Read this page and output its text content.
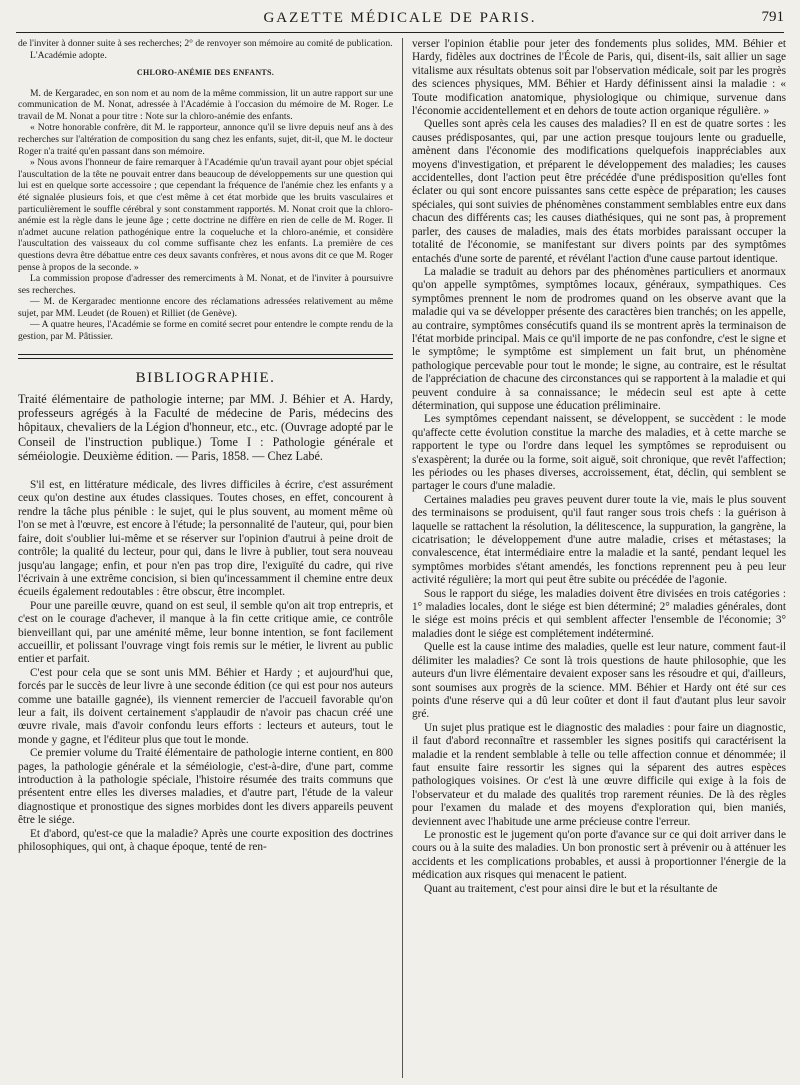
GAZETTE MÉDICALE DE PARIS.	791

de l'inviter à donner suite à ses recherches; 2° de renvoyer son mémoire au comité de publication.

L'Académie adopte.

CHLORO-ANÉMIE DES ENFANTS.

M. de Kergaradec, en son nom et au nom de la même commission, lit un autre rapport sur une communication de M. Nonat, adressée à l'Académie à l'occasion du mémoire de M. Roger. Le travail de M. Nonat a pour titre : Note sur la chloro-anémie des enfants.

« Notre honorable confrère, dit M. le rapporteur, annonce qu'il se livre depuis neuf ans à des recherches sur l'altération de composition du sang chez les enfants, sujet, dit-il, que M. le docteur Roger n'a traité qu'en passant dans son mémoire.

» Nous avons l'honneur de faire remarquer à l'Académie qu'un travail ayant pour objet spécial l'auscultation de la tête ne pouvait entrer dans beaucoup de développements sur une question qui lui est en quelque sorte accessoire ; que cependant la fréquence de l'anémie chez les enfants y a été signalée plusieurs fois, et que c'est même à cet état morbide que les bruits vasculaires et particulièrement le souffle cérébral y sont constamment rapportés. M. Nonat croit que la chloro-anémie est la règle dans le jeune âge ; cette doctrine ne diffère en rien de celle de M. Roger. Il n'admet aucune relation pathogénique entre la coqueluche et la chloro-anémie, et considère l'auscultation des vaisseaux du col comme suffisante chez les enfants. La première de ces questions devra être débattue entre ces deux savants confrères, et nous avons dit ce que M. Roger pense à propos de la seconde. »

La commission propose d'adresser des remerciments à M. Nonat, et de l'inviter à poursuivre ses recherches.

— M. de Kergaradec mentionne encore des réclamations adressées relativement au même sujet, par MM. Leudet (de Rouen) et Rilliet (de Genève).

— A quatre heures, l'Académie se forme en comité secret pour entendre le compte rendu de la gestion, par M. Pâtissier.

BIBLIOGRAPHIE.

Traité élémentaire de pathologie interne; par MM. J. Béhier et A. Hardy, professeurs agrégés à la Faculté de médecine de Paris, médecins des hôpitaux, chevaliers de la Légion d'honneur, etc., etc. (Ouvrage adopté par le Conseil de l'instruction publique.) Tome I : Pathologie générale et séméiologie. Deuxième édition. — Paris, 1858. — Chez Labé.

S'il est, en littérature médicale, des livres difficiles à écrire, c'est assurément ceux qu'on destine aux études classiques. Toutes choses, en effet, concourent à rendre la tâche plus pénible : le sujet, qui le plus souvent, au moment même où l'on se met à l'œuvre, est encore à l'étude; la personnalité de l'auteur, qui, pour bien faire, doit s'oublier lui-même et se réserver sur l'opinion d'autrui à peine droit de contrôle; la qualité du lecteur, pour qui, dans le livre à publier, tout sera nouveau jusqu'au langage; enfin, et pour n'en pas trop dire, l'exiguïté du cadre, qui rive l'écrivain à une extrême concision, si bien qu'incessamment il chemine entre deux écueils également redoutables : être obscur, être incomplet.

Pour une pareille œuvre, quand on est seul, il semble qu'on ait trop entrepris, et c'est on le courage d'achever, il manque à la fin cette critique amie, ce contrôle bienveillant qui, par une aménité même, leur bonne intention, se font facilement accueillir, et polissant l'ouvrage vingt fois remis sur le métier, le livrent au public entier et parfait.

C'est pour cela que se sont unis MM. Béhier et Hardy ; et aujourd'hui que, forcés par le succès de leur livre à une seconde édition (ce qui est pour nos auteurs comme une bataille gagnée), ils viennent remercier de l'accueil favorable qu'on leur a fait, ils doivent certainement s'applaudir de n'avoir pas chacun créé une œuvre rivale, mais d'avoir confondu leurs efforts : lecteurs et auteurs, tout le monde y gagne, et l'éditeur plus que tout le monde.

Ce premier volume du Traité élémentaire de pathologie interne contient, en 800 pages, la pathologie générale et la séméiologie, c'est-à-dire, d'une part, comme introduction à la pathologie spéciale, l'histoire résumée des traits communs que présentent entre elles les diverses maladies, et d'autre part, l'étude de la valeur diagnostique et pronostique des signes morbides dont les divers appareils peuvent être le siége.

Et d'abord, qu'est-ce que la maladie? Après une courte exposition des doctrines philosophiques, qui ont, à chaque époque, tenté de ren-

verser l'opinion établie pour jeter des fondements plus solides, MM. Béhier et Hardy, fidèles aux doctrines de l'École de Paris, qui, disent-ils, sait allier un sage vitalisme aux résultats obtenus soit par l'observation médicale, soit par les progrès des sciences physiques, MM. Béhier et Hardy définissent ainsi la maladie : « Toute modification anatomique, physiologique ou chimique, survenue dans l'économie accidentellement et en dehors de toute action organique régulière. »

Quelles sont après cela les causes des maladies? Il en est de quatre sortes : les causes prédisposantes, qui, par une action presque toujours lente ou graduelle, amènent dans l'économie des modifications quelquefois inappréciables aux moyens d'investigation, et préparent le développement des maladies; les causes accidentelles, dont l'action peut être précédée d'une prédisposition qu'elles font éclater ou qui sont encore puissantes sans cette espèce de préparation; les causes spéciales, qui sont suivies de phénomènes constamment semblables entre eux dans chacun des différents cas; les causes diathésiques, qui ne sont pas, à proprement parler, des causes de maladies, mais des états morbides paraissant occuper la totalité de l'économie, se manifestant sur divers points par des symptômes entachés d'une sorte de parenté, et révélant l'action d'une cause partout identique.

La maladie se traduit au dehors par des phénomènes particuliers et anormaux qu'on appelle symptômes, symptômes locaux, généraux, sympathiques. Ces symptômes prennent le nom de prodromes quand on les observe avant que la maladie qui va se développer présente des caractères bien tranchés; on les appelle, au contraire, symptômes consécutifs quand ils se montrent après la terminaison de l'état morbide principal. Mais ce qu'il importe de ne pas confondre, c'est le signe et le symptôme; le symptôme est simplement un fait brut, un phénomène pathologique percevable pour tout le monde; le signe, au contraire, est le résultat de l'appréciation de chacune des circonstances qui se rapportent à la maladie et qui peuvent conduire à sa connaissance; le médecin seul est apte à cette détermination, qui suppose une éducation préliminaire.

Les symptômes cependant naissent, se développent, se succèdent : le mode qu'affecte cette évolution constitue la marche des maladies, et à cette marche se rapportent le type ou l'ordre dans lequel les symptômes se reproduisent ou s'exaspèrent; la durée ou la forme, soit aiguë, soit chronique, que revêt l'affection; les périodes ou les phases diverses, accroissement, état, déclin, qui semblent se partager le cours d'une maladie.

Certaines maladies peu graves peuvent durer toute la vie, mais le plus souvent des terminaisons se produisent, qu'il faut ranger sous trois chefs : la guérison à laquelle se rattachent la résolution, la délitescence, la suppuration, la gangrène, la cicatrisation; le développement d'une autre maladie, crises et métastases; la convalescence, état intermédiaire entre la maladie et la santé, pendant lequel les symptômes morbides s'étant amendés, les fonctions reprennent peu à peu leur activité régulière; la mort qui peut être subite ou précédée de l'agonie.

Sous le rapport du siége, les maladies doivent être divisées en trois catégories : 1° maladies locales, dont le siége est bien déterminé; 2° maladies générales, dont le siége est moins précis et qui semblent affecter l'ensemble de l'économie; 3° maladies dont le siége est complétement indéterminé.

Quelle est la cause intime des maladies, quelle est leur nature, comment faut-il délimiter les maladies? Ce sont là trois questions de haute philosophie, que les auteurs d'un livre élémentaire devaient exposer sans les résoudre et qui, d'ailleurs, sont soumises aux progrès de la science. MM. Béhier et Hardy ont été sur ces points d'une réserve qui a dû leur coûter et dont il faut d'autant plus leur savoir gré.

Un sujet plus pratique est le diagnostic des maladies : pour faire un diagnostic, il faut d'abord reconnaître et rassembler les signes positifs qui caractérisent la maladie et la rendent semblable à telle ou telle affection connue et dénommée; il faut ensuite faire ressortir les signes qui la séparent des autres espèces pathologiques voisines. Or c'est là une œuvre difficile qui exige à la fois de l'observateur et du malade des qualités trop rarement réunies. De là des règles pour l'examen du malade et des moyens d'exploration qui, bien maniés, deviennent avec l'habitude une arme précieuse contre l'erreur.

Le pronostic est le jugement qu'on porte d'avance sur ce qui doit arriver dans le cours ou à la suite des maladies. Un bon pronostic sert à prévenir ou à atténuer les accidents et les complications probables, et aussi à proportionner l'énergie de la médication aux risques qui menacent le patient.

Quant au traitement, c'est pour ainsi dire le but et la résultante de
